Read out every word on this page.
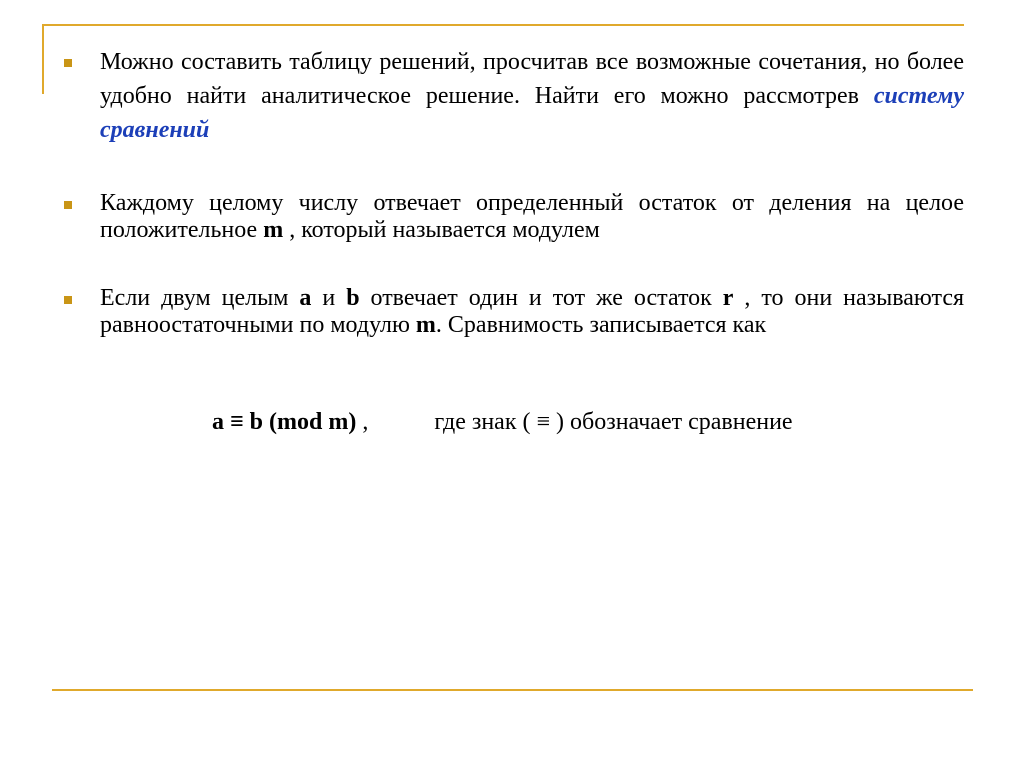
Можно составить таблицу решений, просчитав все возможные сочетания, но более удобно найти аналитическое решение. Найти его можно рассмотрев систему сравнений
Каждому целому числу отвечает определенный остаток от деления на целое положительное m , который называется модулем
Если двум целым a и b отвечает один и тот же остаток r , то они называются равноостаточными по модулю m. Сравнимость записывается как
a ≡ b (mod m) ,	где знак ( ≡ ) обозначает сравнение
